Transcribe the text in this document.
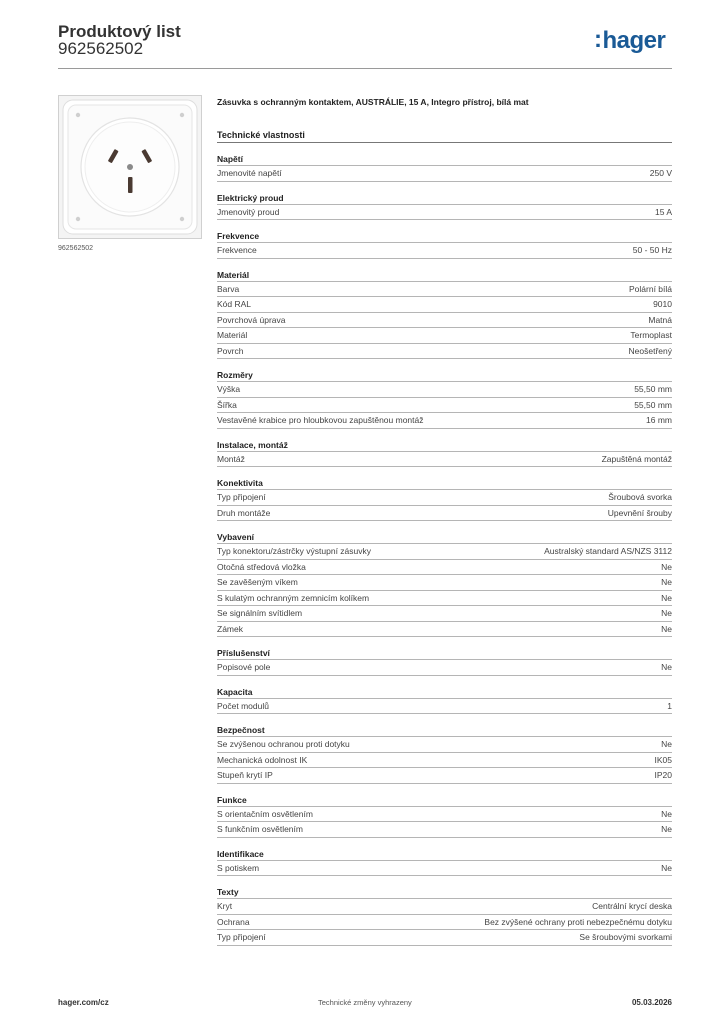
Produktový list
962562502	:hager
962562502
Zásuvka s ochranným kontaktem, AUSTRÁLIE, 15 A, Integro přístroj, bílá mat
Technické vlastnosti
Napětí
Jmenovité napětí	250 V
Elektrický proud
Jmenovitý proud	15 A
Frekvence
Frekvence	50 - 50 Hz
Materiál
Barva	Polární bílá
Kód RAL	9010
Povrchová úprava	Matná
Materiál	Termoplast
Povrch	Neošetřený
Rozměry
Výška	55,50 mm
Šířka	55,50 mm
Vestavěné krabice pro hloubkovou zapuštěnou montáž	16 mm
Instalace, montáž
Montáž	Zapuštěná montáž
Konektivita
Typ připojení	Šroubová svorka
Druh montáže	Upevnění šrouby
Vybavení
Typ konektoru/zástrčky výstupní zásuvky	Australský standard AS/NZS 3112
Otočná středová vložka	Ne
Se zavěšeným víkem	Ne
S kulatým ochranným zemnicím kolíkem	Ne
Se signálním svítidlem	Ne
Zámek	Ne
Příslušenství
Popisové pole	Ne
Kapacita
Počet modulů	1
Bezpečnost
Se zvýšenou ochranou proti dotyku	Ne
Mechanická odolnost IK	IK05
Stupeň krytí IP	IP20
Funkce
S orientačním osvětlením	Ne
S funkčním osvětlením	Ne
Identifikace
S potiskem	Ne
Texty
Kryt	Centrální krycí deska
Ochrana	Bez zvýšené ochrany proti nebezpečnému dotyku
Typ připojení	Se šroubovými svorkami
hager.com/cz	Technické změny vyhrazeny	05.03.2026
